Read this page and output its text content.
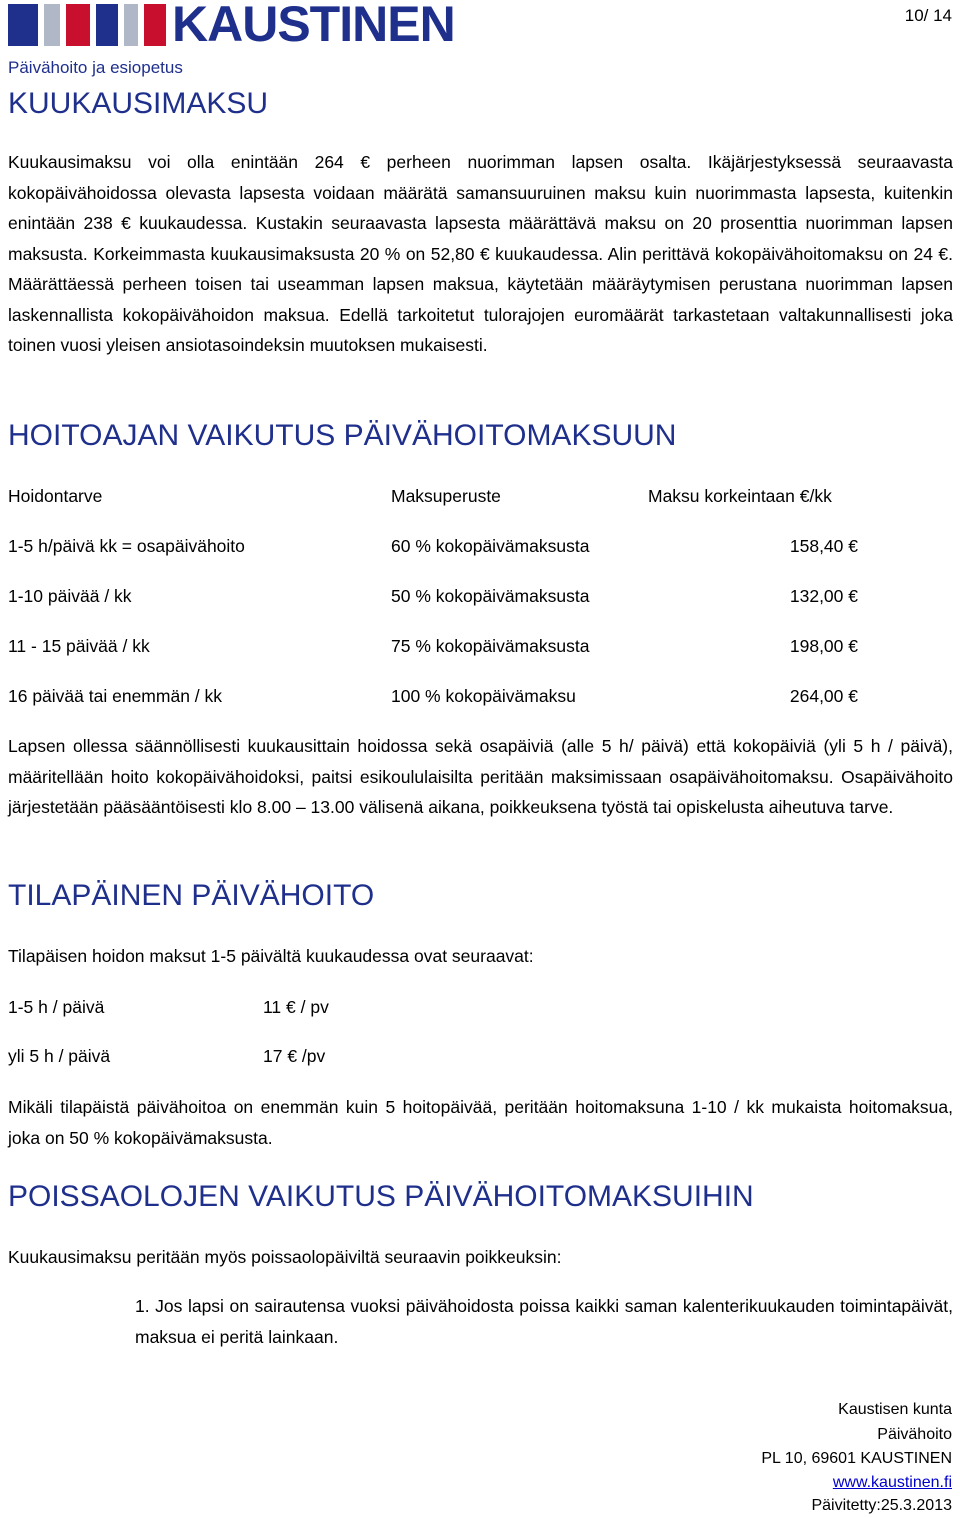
KAUSTINEN	10/ 14
Päivähoito ja esiopetus
KUUKAUSIMAKSU

Kuukausimaksu voi olla enintään 264 € perheen nuorimman lapsen osalta. Ikäjärjestyksessä seuraavasta kokopäivähoidossa olevasta lapsesta voidaan määrätä samansuuruinen maksu kuin nuorimmasta lapsesta, kuitenkin enintään 238 € kuukaudessa. Kustakin seuraavasta lapsesta määrättävä maksu on 20 prosenttia nuorimman lapsen maksusta. Korkeimmasta kuukausimaksusta 20 % on 52,80 € kuukaudessa. Alin perittävä kokopäivähoitomaksu on 24 €. Määrättäessä perheen toisen tai useamman lapsen maksua, käytetään määräytymisen perustana nuorimman lapsen laskennallista kokopäivähoidon maksua. Edellä tarkoitetut tulorajojen euromäärät tarkastetaan valtakunnallisesti joka toinen vuosi yleisen ansiotasoindeksin muutoksen mukaisesti.

HOITOAJAN VAIKUTUS PÄIVÄHOITOMAKSUUN
Hoidontarve	Maksuperuste	Maksu korkeintaan €/kk
1-5 h/päivä kk = osapäivähoito	60 % kokopäivämaksusta	158,40 €
1-10 päivää / kk	50 % kokopäivämaksusta	132,00 €
11 - 15 päivää / kk	75 % kokopäivämaksusta	198,00 €
16 päivää tai enemmän / kk	100 % kokopäivämaksu	264,00 €

Lapsen ollessa säännöllisesti kuukausittain hoidossa sekä osapäiviä (alle 5 h/ päivä) että kokopäiviä (yli 5 h / päivä), määritellään hoito kokopäivähoidoksi, paitsi esikoululaisilta peritään maksimissaan osapäivähoitomaksu. Osapäivähoito järjestetään pääsääntöisesti klo 8.00 – 13.00 välisenä aikana, poikkeuksena työstä tai opiskelusta aiheutuva tarve.

TILAPÄINEN PÄIVÄHOITO
Tilapäisen hoidon maksut 1-5 päivältä kuukaudessa ovat seuraavat:
1-5 h / päivä	11 € / pv
yli 5 h / päivä	17 € /pv

Mikäli tilapäistä päivähoitoa on enemmän kuin 5 hoitopäivää, peritään hoitomaksuna 1-10 / kk mukaista hoitomaksua, joka on 50 % kokopäivämaksusta.

POISSAOLOJEN VAIKUTUS PÄIVÄHOITOMAKSUIHIN
Kuukausimaksu peritään myös poissaolopäiviltä seuraavin poikkeuksin:

1. Jos lapsi on sairautensa vuoksi päivähoidosta poissa kaikki saman kalenterikuukauden toimintapäivät, maksua ei peritä lainkaan.

Kaustisen kunta
Päivähoito
PL 10, 69601 KAUSTINEN
www.kaustinen.fi
Päivitetty:25.3.2013
